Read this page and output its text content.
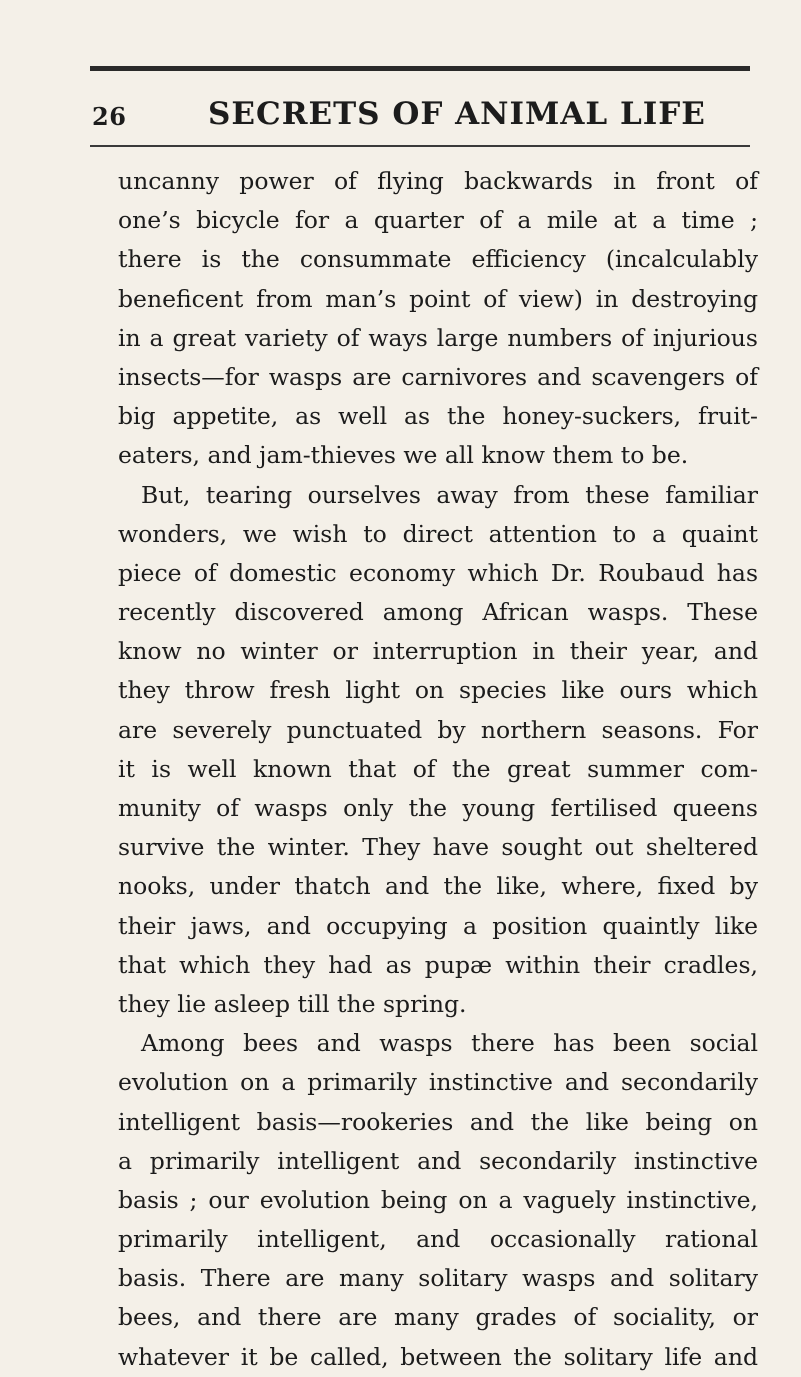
26	SECRETS OF ANIMAL LIFE
uncanny power of flying backwards in front of
one’s bicycle for a quarter of a mile at a time ;
there is the consummate efficiency (incalculably
beneficent from man’s point of view) in destroying
in a great variety of ways large numbers of injurious
insects—for wasps are carnivores and scavengers of
big appetite, as well as the honey-suckers, fruit-
eaters, and jam-thieves we all know them to be.
But, tearing ourselves away from these familiar
wonders, we wish to direct attention to a quaint
piece of domestic economy which Dr. Roubaud has
recently discovered among African wasps. These
know no winter or interruption in their year, and
they throw fresh light on species like ours which
are severely punctuated by northern seasons. For
it is well known that of the great summer com-
munity of wasps only the young fertilised queens
survive the winter. They have sought out sheltered
nooks, under thatch and the like, where, fixed by
their jaws, and occupying a position quaintly like
that which they had as pupæ within their cradles,
they lie asleep till the spring.
Among bees and wasps there has been social
evolution on a primarily instinctive and secondarily
intelligent basis—rookeries and the like being on
a primarily intelligent and secondarily instinctive
basis ; our evolution being on a vaguely instinctive,
primarily intelligent, and occasionally rational
basis. There are many solitary wasps and solitary
bees, and there are many grades of sociality, or
whatever it be called, between the solitary life and
